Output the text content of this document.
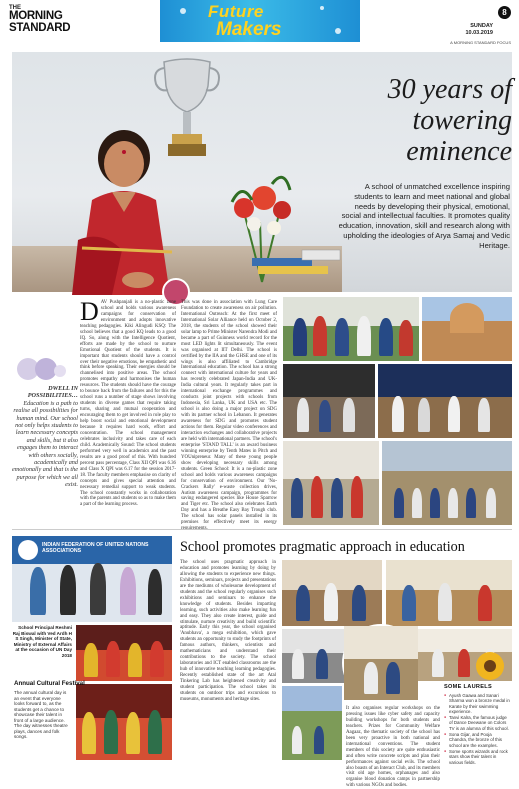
THE
MORNING
STANDARD
Future
Makers
8
SUNDAY
10.03.2019
A MORNING STANDARD FOCUS
30 years of towering eminence
A school of unmatched excellence inspiring students to learn and meet national and global needs by developing their physical, emotional, social and intellectual faculties. It promotes quality education, innovation, skill and research along with upholding the ideologies of Arya Samaj and Vedic Heritage.
DWELL IN POSSIBILITIES…
Education is a path to realise all possibilities for human mind. Our school not only helps students to learn necessary concepts and skills, but it also engages them to interact with others socially, academically and emotionally and that is the purpose for which we all exist.
D AV Pushpanjali is a no-plastic zone school and holds various awareness campaigns for conservation of environment and adopts innovative teaching pedagogies. Kiki Alingudi KSQ: The school believes that a good KQ leads to a good IQ. So, along with the Intelligence Quotient, efforts are made by the school to nurture Emotional Quotient of the students. It is important that students should have a control over their negative emotions, be empathetic and think before speaking. Their energies should be channelised into positive areas. The school promotes empathy and harmonises the human resources. The students should have the courage to bounce back from the failures and for this the school runs a number of stage shows involving students in diverse games that require taking turns, sharing and mutual cooperation and encouraging them to get involved in role play to help boost social and emotional development because it requires hard work, effort and concentration. The school management celebrates inclusivity and takes care of each child. Academically Sound: The school students performed very well in academics and the past results are a good proof of this. With hundred percent pass percentage, Class XII QPI was 6.36 and Class X QPI was 6.17 for the session 2017-18. The faculty members emphasise on clarity of concepts and gives special attention and necessary remedial support to weak students. The school constantly works in collaboration with the parents and students so as to make them a part of the learning process.
This was done in association with Lung Care Foundation to create awareness on air pollution. International Outreach: At the first meet of International Solar Alliance held on October 2, 2018, the students of the school showed their solar lamp to Prime Minister Narendra Modi and became a part of Guinness world record for the most LED lights lit simultaneously. The event was organised at IIT Delhi. The school is certified by the IIA and the GHSE and one of its wings is also affiliated to Cambridge International education. The school has a strong connect with international culture for years and has recently celebrated Japan-India and UK-India cultural years. It regularly takes part in international exchange programmes and conducts joint projects with schools from Indonesia, Sri Lanka, UK and USA etc. The school is also doing a major project on SDG with its partner school in Lebanon. It generates awareness for SDG and promotes student actions for them. Regular video conferences and interaction exchanges and collaborative projects are held with international partners. The school's enterprise 'STAND TALL' is an award business winning enterprise by Tenth Mates in Pitch and YOUnipreneur. Many of these young people show developing necessary skills among students. Green School: It is a no-plastic zone school and holds various awareness campaigns for conservation of environment. Our 'No-Crackers Rally' e-waste collection drives, Autism awareness campaign, programmes for saving endangered species like House Sparrow and Tiger etc. The school also celebrates Earth Day and has a Breathe Easy Bay Trough club. The school has solar panels installed in its premises for effectively meet its energy
INDIAN FEDERATION OF UNITED NATIONS ASSOCIATIONS
School Principal Reshmi Raj Biswal with Ved Ardh H S Singh, Minister of State, Ministry of External Affairs at the occasion of UN Day 2018
Annual Cultural Festival
The annual cultural day is an event that everyone looks forward to, as the students get a chance to showcase their talent in front of a large audience. The day witnesses theatre plays, dances and folk songs.
School promotes pragmatic approach in education
The school uses pragmatic approach in education and promotes learning by doing by allowing the students to experience new things. Exhibitions, seminars, projects and presentations are the mediums of wholesome development of students and the school regularly organises such exhibitions and seminars to enhance the knowledge of students. Besides imparting learning, such activities also make learning fun and easy. They also create interest, guide and stimulate, nurture creativity and build scientific aptitude. Early this year, the school organised 'Anubhava', a mega exhibition, which gave students an opportunity to study the footprints of famous authors, thinkers, scientists and mathematicians and understand their contributions to the society. The school laboratories and ICT enabled classrooms are the hub of innovative teaching learning pedagogies. Recently established state of the art Atal Tinkering Lab has heightened creativity and student participation. The school takes its students on outdoor trips and excursions to museums, monuments and heritage sites.
It also organises regular workshops on the pressing issues like cyber safety and capacity building workshops for both students and teachers. Prizes for Community Welfare Aagaaz, the thematic society of the school has been very proactive in both national and international conventions. The student members of this society are quite enthusiastic and often write concrete scripts and plan their performances against social evils. The school also boasts of an Interact Club, and its members visit old age homes, orphanages and also organise blood donation camps in partnership with various NGOs and bodies.
SOME LAURELS
● Ayush Gaawa and Sanari Sharma won a bronze medal in Karate by their swimming experience.
● Tanvi Kalra, the famous judge of Dance Deewane on Colors TV is an alumna of this school.
● Sona Gijar, and Pooja Chandra, the bronze of this school are the examples.
● Some sports wizards and rock stars show their talent in various fields.
